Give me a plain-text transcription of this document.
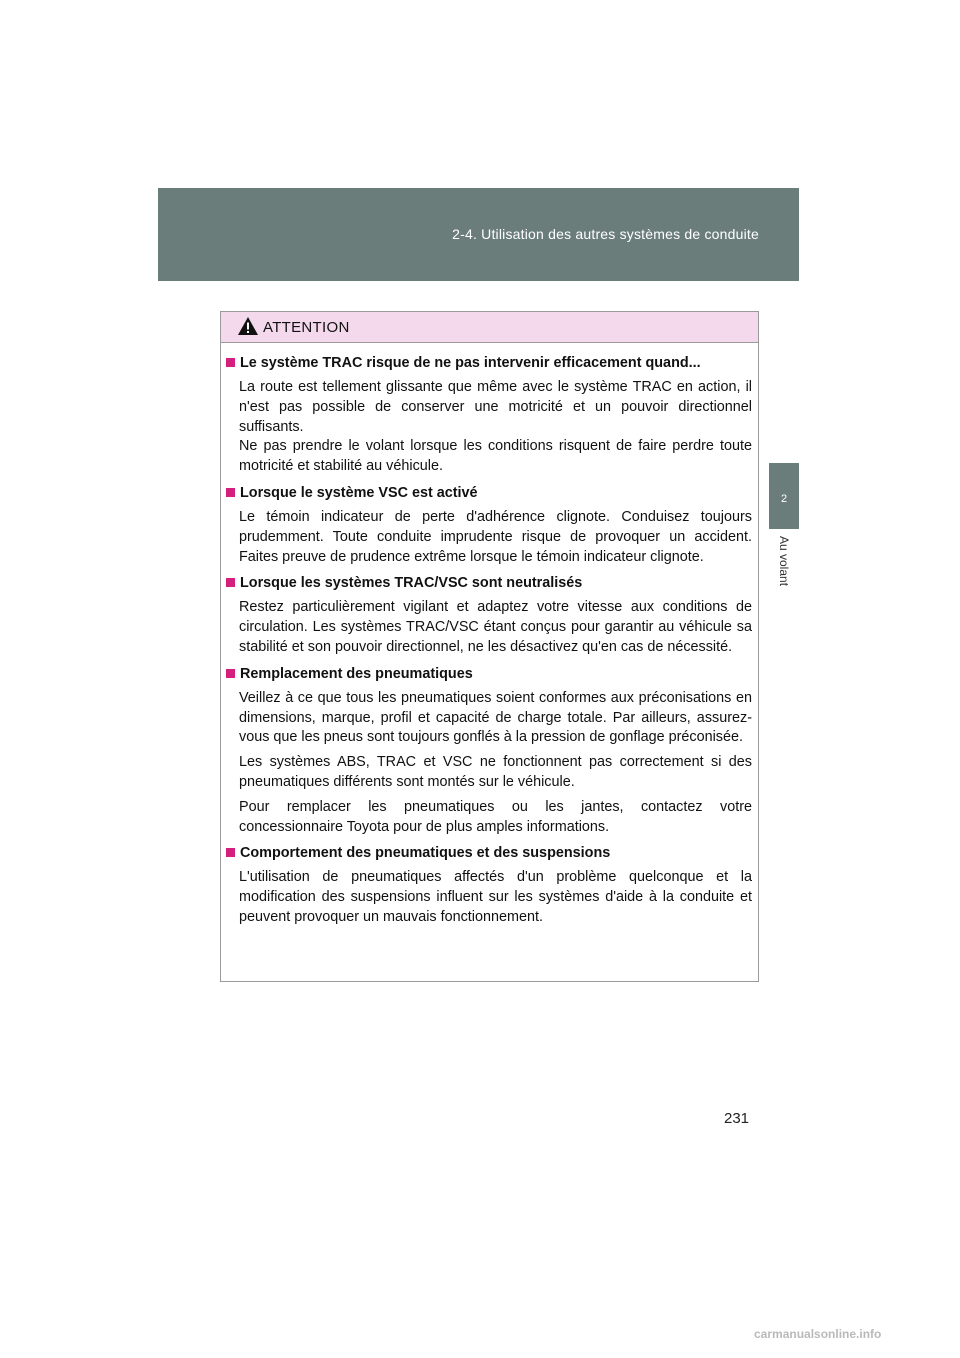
2-4. Utilisation des autres systèmes de conduite
2
Au volant
ATTENTION
Le système TRAC risque de ne pas intervenir efficacement quand...

La route est tellement glissante que même avec le système TRAC en action, il n'est pas possible de conserver une motricité et un pouvoir directionnel suffisants.

Ne pas prendre le volant lorsque les conditions risquent de faire perdre toute motricité et stabilité au véhicule.

Lorsque le système VSC est activé

Le témoin indicateur de perte d'adhérence clignote. Conduisez toujours prudemment. Toute conduite imprudente risque de provoquer un accident. Faites preuve de prudence extrême lorsque le témoin indicateur clignote.

Lorsque les systèmes TRAC/VSC sont neutralisés

Restez particulièrement vigilant et adaptez votre vitesse aux conditions de circulation. Les systèmes TRAC/VSC étant conçus pour garantir au véhicule sa stabilité et son pouvoir directionnel, ne les désactivez qu'en cas de nécessité.

Remplacement des pneumatiques

Veillez à ce que tous les pneumatiques soient conformes aux préconisations en dimensions, marque, profil et capacité de charge totale. Par ailleurs, assurez-vous que les pneus sont toujours gonflés à la pression de gonflage préconisée.

Les systèmes ABS, TRAC et VSC ne fonctionnent pas correctement si des pneumatiques différents sont montés sur le véhicule.

Pour remplacer les pneumatiques ou les jantes, contactez votre concessionnaire Toyota pour de plus amples informations.

Comportement des pneumatiques et des suspensions

L'utilisation de pneumatiques affectés d'un problème quelconque et la modification des suspensions influent sur les systèmes d'aide à la conduite et peuvent provoquer un mauvais fonctionnement.

231
carmanualsonline.info
